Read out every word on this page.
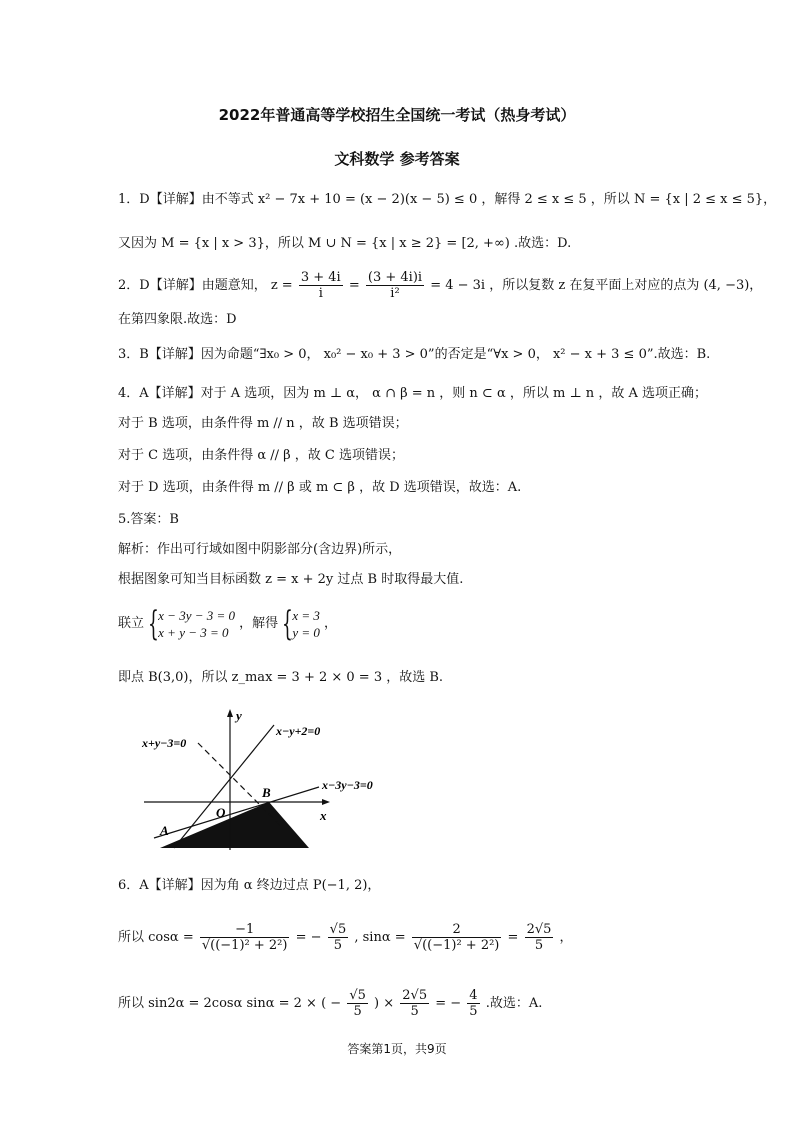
2022年普通高等学校招生全国统一考试（热身考试）
文科数学 参考答案
1．D【详解】由不等式 x² − 7x + 10 = (x − 2)(x − 5) ≤ 0 ，解得 2 ≤ x ≤ 5 ，所以 N = {x | 2 ≤ x ≤ 5}，
又因为 M = {x | x > 3}，所以 M ∪ N = {x | x ≥ 2} = [2, +∞) .故选：D.
2．D【详解】由题意知， $z = \frac{3 + 4i}{i} = \frac{(3 + 4i)i}{\text{i²}} = 4 - 3i$ ，所以复数 z 在复平面上对应的点为 (4, −3)，
在第四象限.故选：D
3．B【详解】因为命题“∃x₀ > 0， x₀² − x₀ + 3 > 0”的否定是“∀x > 0， x² − x + 3 ≤ 0”.故选：B.
4．A【详解】对于 A 选项，因为 m ⊥ α， α ∩ β = n ，则 n ⊂ α ，所以 m ⊥ n ，故 A 选项正确；
对于 B 选项，由条件得 m // n ，故 B 选项错误；
对于 C 选项，由条件得 α // β ，故 C 选项错误；
对于 D 选项，由条件得 m // β 或 m ⊂ β ，故 D 选项错误，故选：A.
5.答案：B
解析：作出可行域如图中阴影部分(含边界)所示，
根据图象可知当目标函数 z = x + 2y 过点 B 时取得最大值.
联立 { x − 3y − 3 = 0
x + y − 3 = 0
，解得 { x = 3
y = 0
，
即点 B(3,0)，所以 z_max = 3 + 2 × 0 = 3 ，故选 B.
x+y−3=0
x−y+2=0
x−3y−3=0
x
y
O
A
B
6．A【详解】因为角 α 终边过点 P(−1, 2)，
所以 $\cos\alpha = \frac{-1}{\text{√((−1)² + 2²)}}$ = − $\frac{√5}{5}$ , $\sin\alpha = \frac{2}{\text{√((−1)² + 2²)}} = \frac{2√5}{5}$ ，
所以 sin2α = 2cosα sinα = 2 × ( − $\frac{√5}{5}$ ) × $\frac{2√5}{5}$ = − $\frac{4}{5}$ .故选：A.
答案第1页，共9页
